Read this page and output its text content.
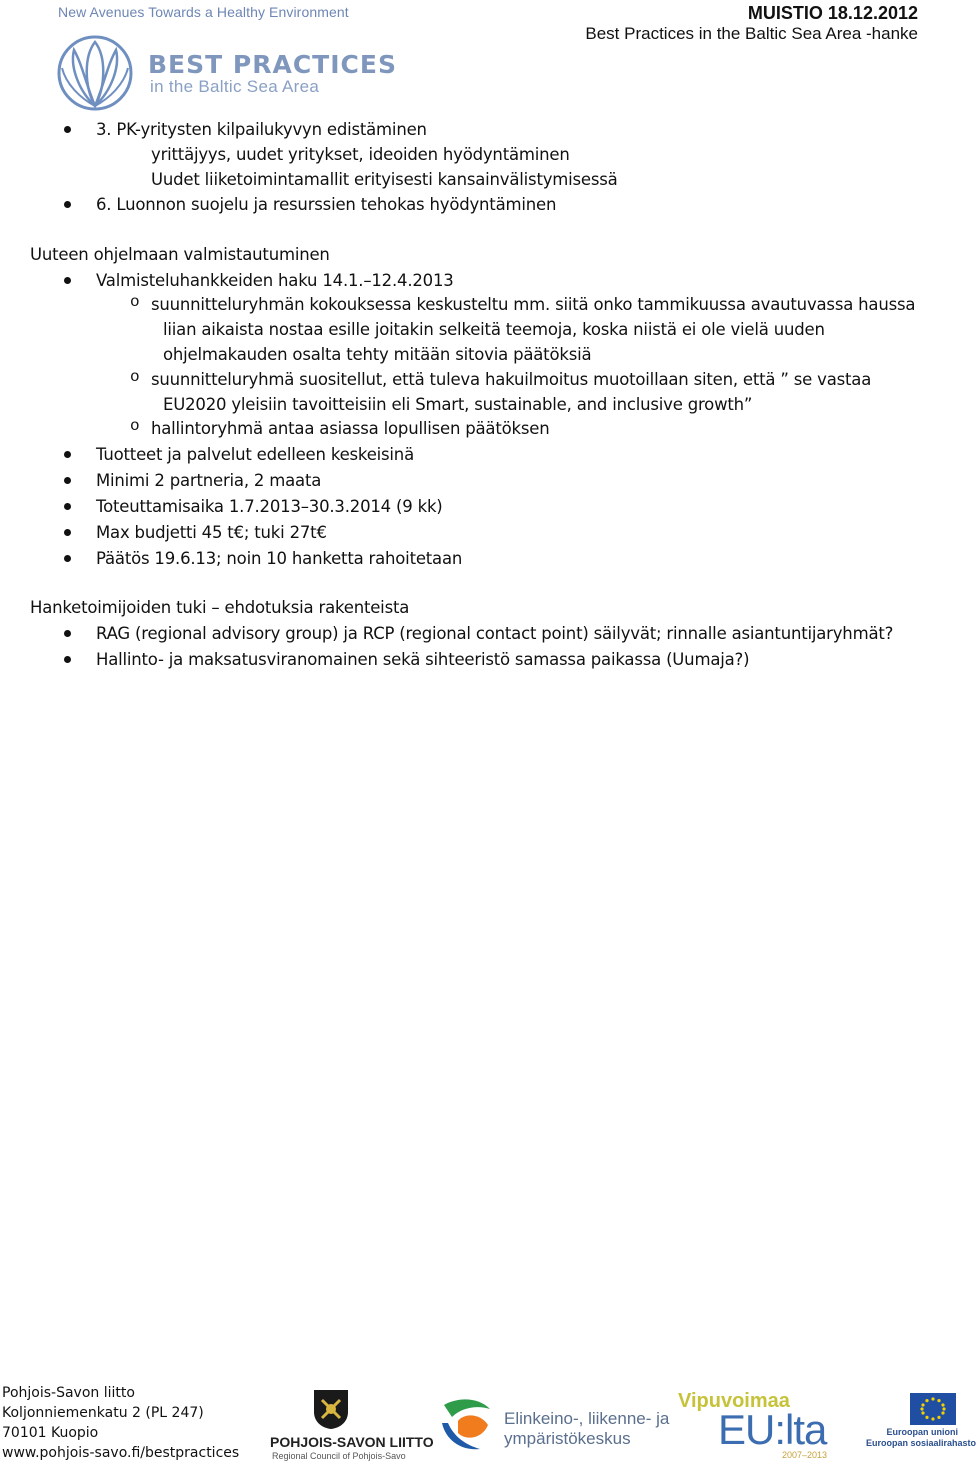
New Avenues Towards a Healthy Environment
BEST PRACTICES
in the Baltic Sea Area
MUISTIO 18.12.2012
Best Practices in the Baltic Sea Area -hanke
3. PK-yritysten kilpailukyvyn edistäminen
yrittäjyys, uudet yritykset, ideoiden hyödyntäminen
Uudet liiketoimintamallit erityisesti kansainvälistymisessä
6. Luonnon suojelu ja resurssien tehokas hyödyntäminen
Uuteen ohjelmaan valmistautuminen
Valmisteluhankkeiden haku 14.1.–12.4.2013
o suunnitteluryhmän kokouksessa keskusteltu mm. siitä onko tammikuussa avautuvassa haussa
liian aikaista nostaa esille joitakin selkeitä teemoja, koska niistä ei ole vielä uuden
ohjelmakauden osalta tehty mitään sitovia päätöksiä
o suunnitteluryhmä suositellut, että tuleva hakuilmoitus muotoillaan siten, että ” se vastaa
EU2020 yleisiin tavoitteisiin eli Smart, sustainable, and inclusive growth”
o hallintoryhmä antaa asiassa lopullisen päätöksen
Tuotteet ja palvelut edelleen keskeisinä
Minimi 2 partneria, 2 maata
Toteuttamisaika 1.7.2013–30.3.2014 (9 kk)
Max budjetti 45 t€; tuki 27t€
Päätös 19.6.13; noin 10 hanketta rahoitetaan
Hanketoimijoiden tuki – ehdotuksia rakenteista
RAG (regional advisory group) ja RCP (regional contact point) säilyvät; rinnalle asiantuntijaryhmät?
Hallinto- ja maksatusviranomainen sekä sihteeristö samassa paikassa (Uumaja?)
Pohjois-Savon liitto
Koljonniemenkatu 2 (PL 247)
70101 Kuopio
www.pohjois-savo.fi/bestpractices
POHJOIS-SAVON LIITTO
Regional Council of Pohjois-Savo
Elinkeino-, liikenne- ja
ympäristökeskus
Vipuvoimaa
EU:lta
2007–2013
Euroopan unioni
Euroopan sosiaalirahasto
